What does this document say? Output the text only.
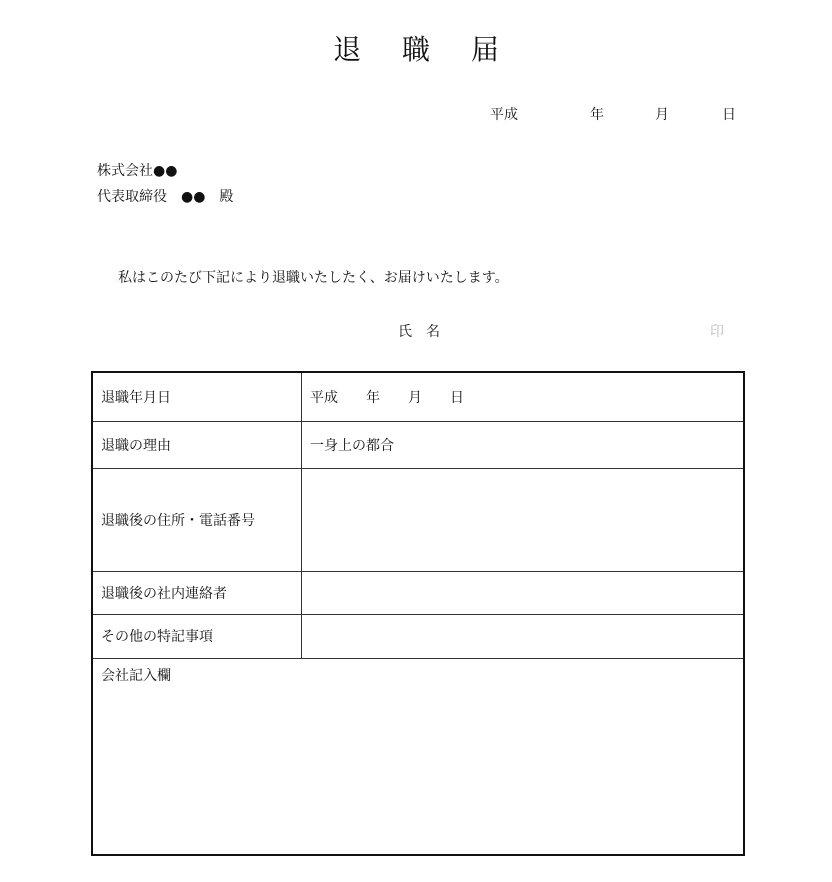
退 職 届
平成	年	月	日
株式会社●●
代表取締役　●●　殿
私はこのたび下記により退職いたしたく、お届けいたします。
氏　名	印
退職年月日	平成　　年　　月　　日
退職の理由	一身上の都合
退職後の住所・電話番号	
退職後の社内連絡者	
その他の特記事項	
会社記入欄	
